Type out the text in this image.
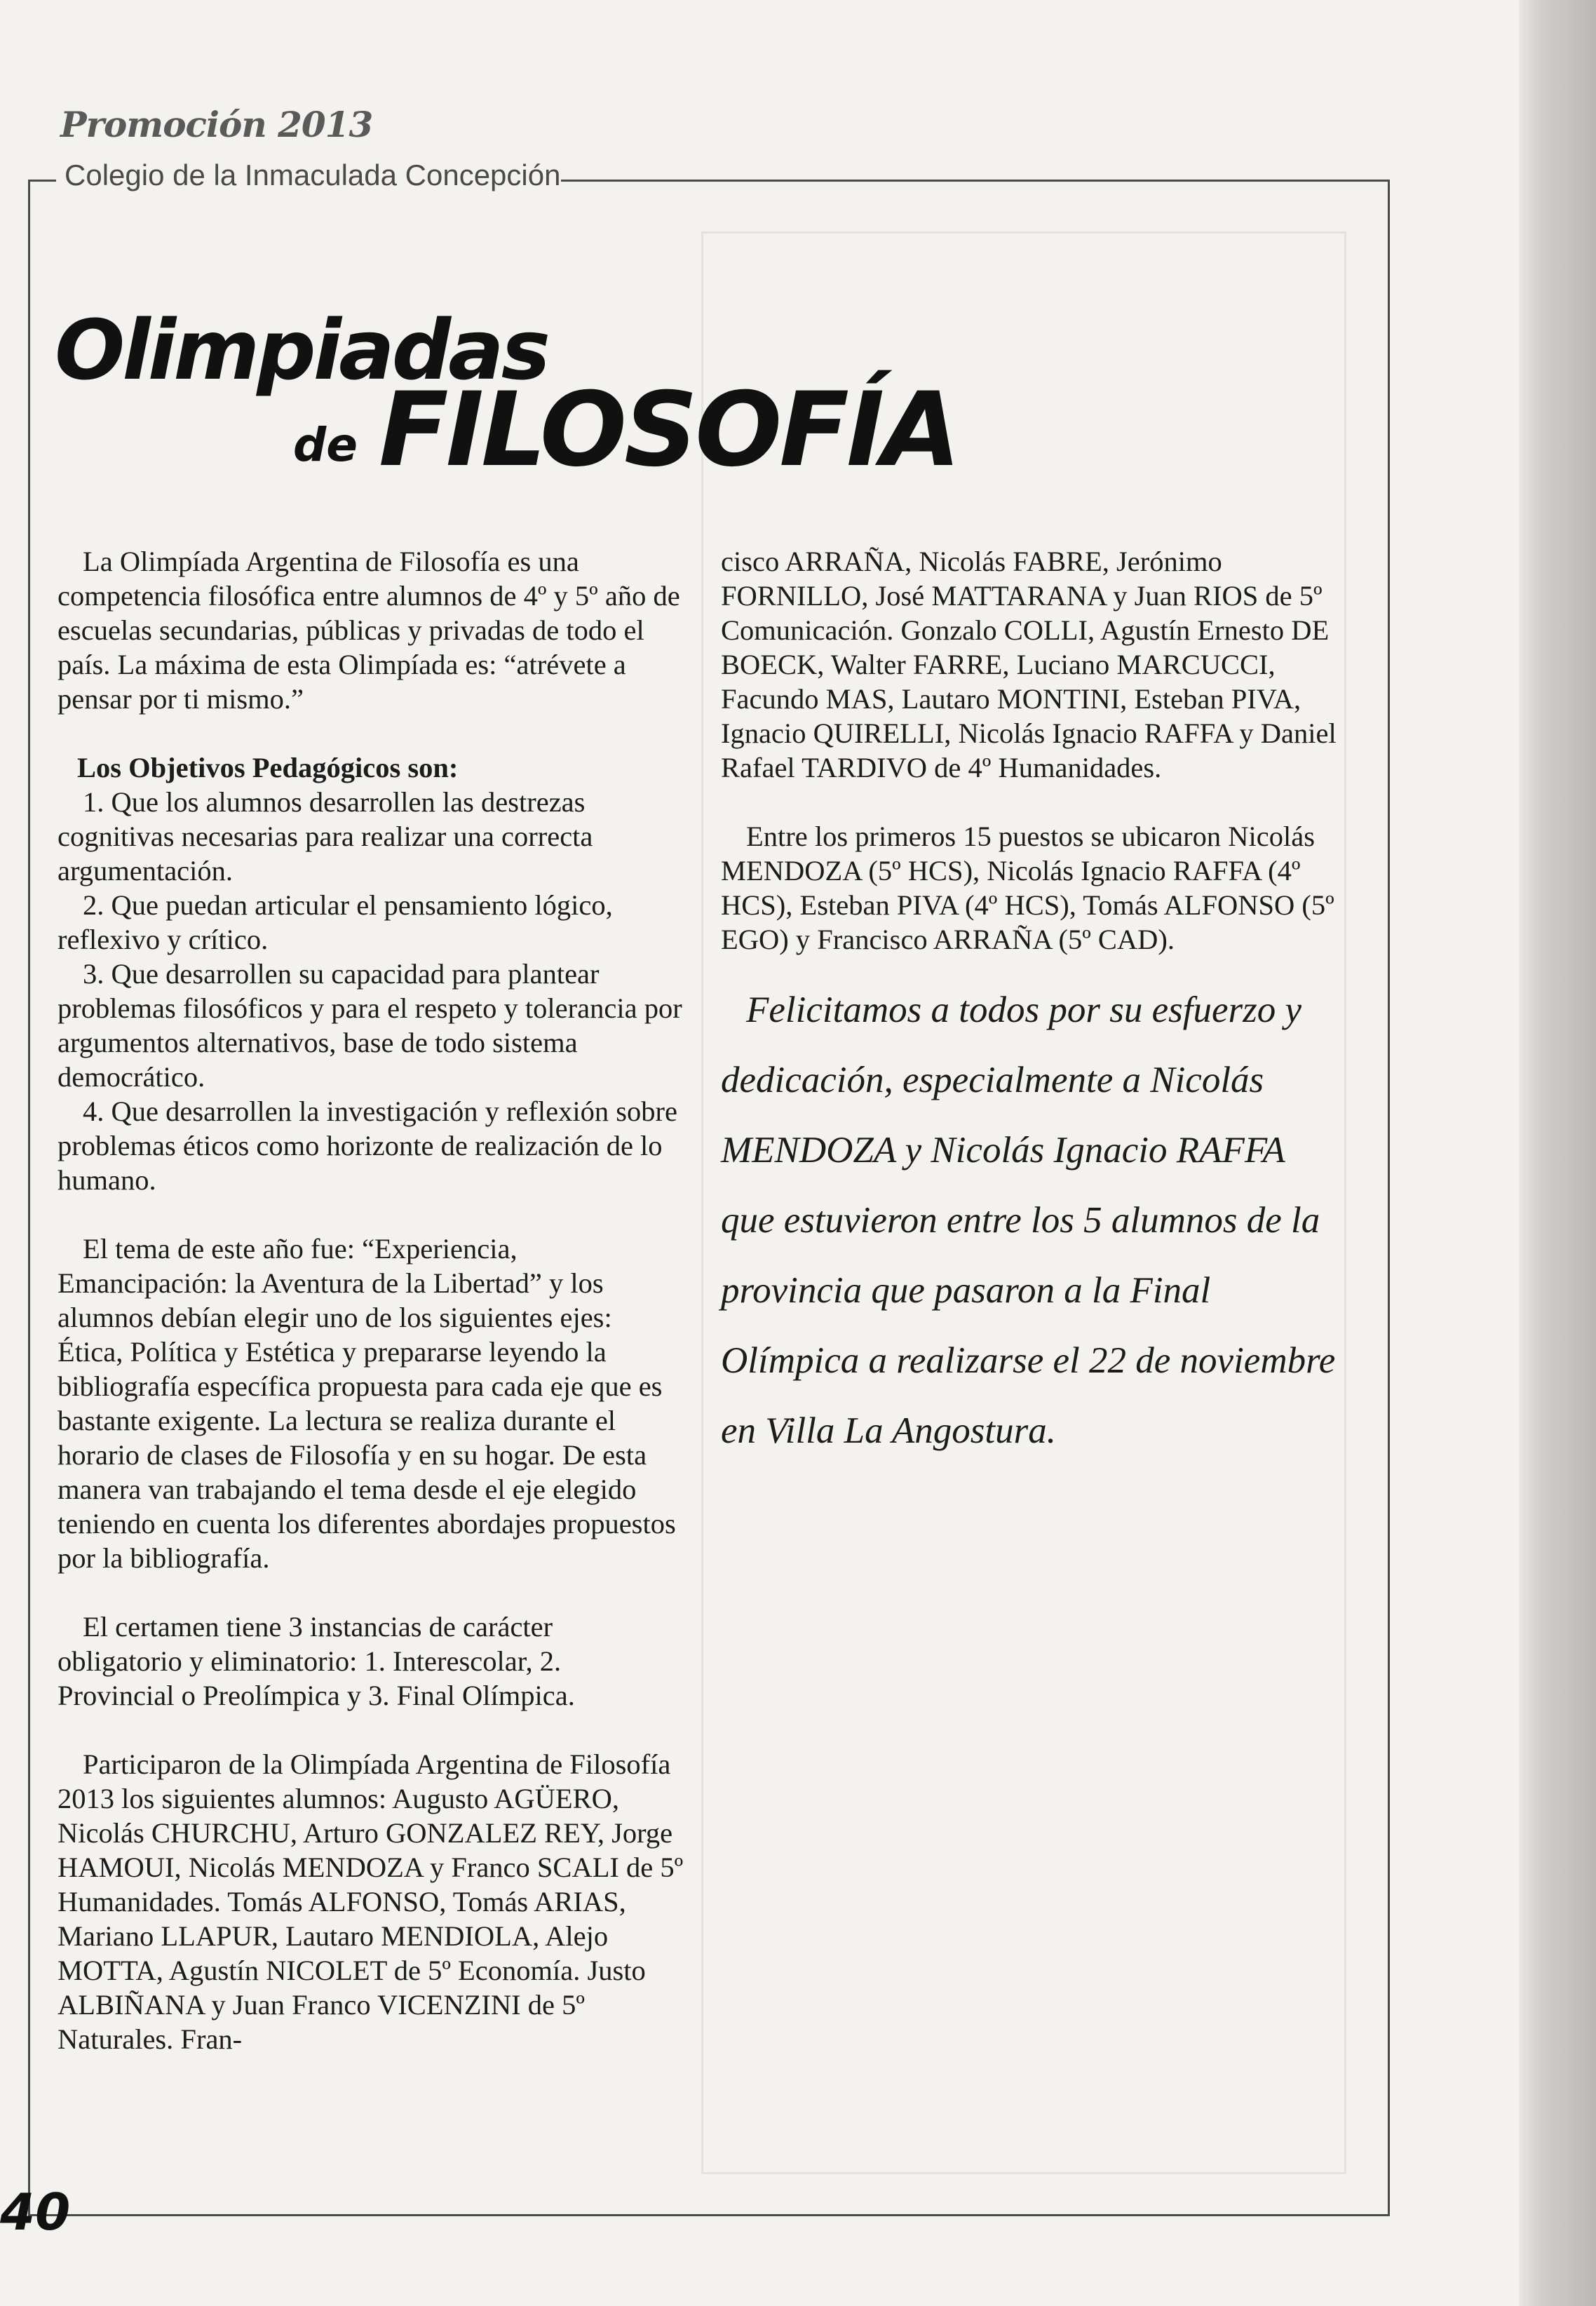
Promoción 2013
Colegio de la Inmaculada Concepción
Olimpiadas
de FILOSOFÍA

La Olimpíada Argentina de Filosofía es una competencia filosófica entre alumnos de 4º y 5º año de escuelas secundarias, públicas y privadas de todo el país. La máxima de esta Olimpíada es: “atrévete a pensar por ti mismo.”

Los Objetivos Pedagógicos son:

1. Que los alumnos desarrollen las destrezas cognitivas necesarias para realizar una correcta argumentación.

2. Que puedan articular el pensamiento lógico, reflexivo y crítico.

3. Que desarrollen su capacidad para plantear problemas filosóficos y para el respeto y tolerancia por argumentos alternativos, base de todo sistema democrático.

4. Que desarrollen la investigación y reflexión sobre problemas éticos como horizonte de realización de lo humano.

El tema de este año fue: “Experiencia, Emancipación: la Aventura de la Libertad” y los alumnos debían elegir uno de los siguientes ejes: Ética, Política y Estética y prepararse leyendo la bibliografía específica propuesta para cada eje que es bastante exigente. La lectura se realiza durante el horario de clases de Filosofía y en su hogar. De esta manera van trabajando el tema desde el eje elegido teniendo en cuenta los diferentes abordajes propuestos por la bibliografía.

El certamen tiene 3 instancias de carácter obligatorio y eliminatorio: 1. Interescolar, 2. Provincial o Preolímpica y 3. Final Olímpica.

Participaron de la Olimpíada Argentina de Filosofía 2013 los siguientes alumnos: Augusto AGÜERO, Nicolás CHURCHU, Arturo GONZALEZ REY, Jorge HAMOUI, Nicolás MENDOZA y Franco SCALI de 5º Humanidades. Tomás ALFONSO, Tomás ARIAS, Mariano LLAPUR, Lautaro MENDIOLA, Alejo MOTTA, Agustín NICOLET de 5º Economía. Justo ALBIÑANA y Juan Franco VICENZINI de 5º Naturales. Fran-

cisco ARRAÑA, Nicolás FABRE, Jerónimo FORNILLO, José MATTARANA y Juan RIOS de 5º Comunicación. Gonzalo COLLI, Agustín Ernesto DE BOECK, Walter FARRE, Luciano MARCUCCI, Facundo MAS, Lautaro MONTINI, Esteban PIVA, Ignacio QUIRELLI, Nicolás Ignacio RAFFA y Daniel Rafael TARDIVO de 4º Humanidades.

Entre los primeros 15 puestos se ubicaron Nicolás MENDOZA (5º HCS), Nicolás Ignacio RAFFA (4º HCS), Esteban PIVA (4º HCS), Tomás ALFONSO (5º EGO) y Francisco ARRAÑA (5º CAD).

Felicitamos a todos por su esfuerzo y dedicación, especialmente a Nicolás MENDOZA y Nicolás Ignacio RAFFA que estuvieron entre los 5 alumnos de la provincia que pasaron a la Final Olímpica a realizarse el 22 de noviembre en Villa La Angostura.

40
